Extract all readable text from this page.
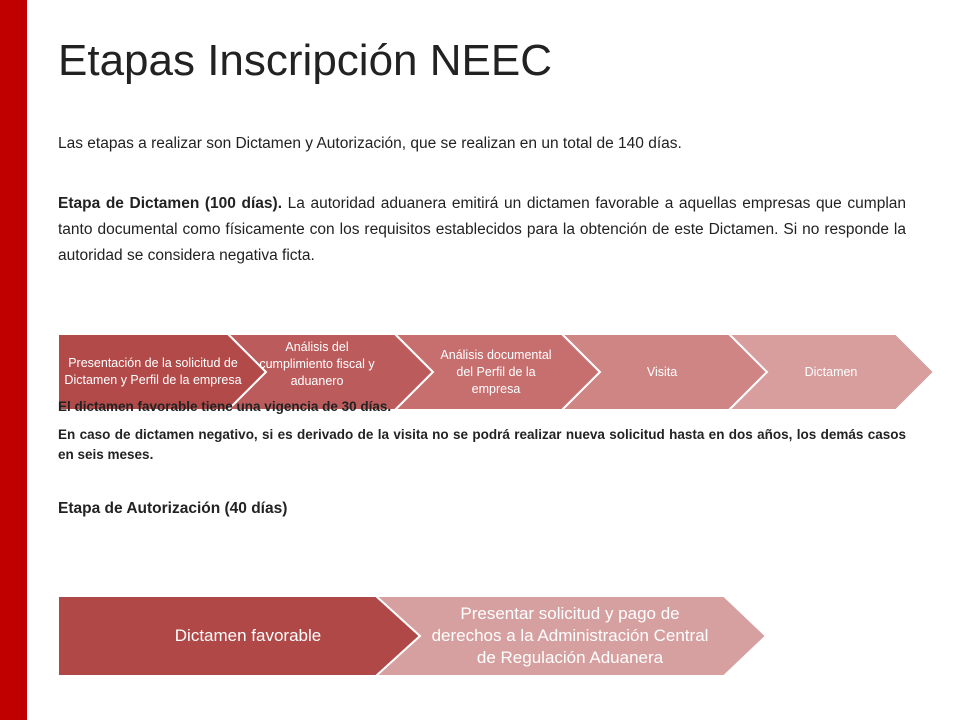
Etapas Inscripción NEEC
Las etapas a realizar son Dictamen y Autorización, que se realizan en un total de 140 días.
Etapa de Dictamen (100 días). La autoridad aduanera emitirá un dictamen favorable a aquellas empresas que cumplan tanto documental como físicamente con los requisitos establecidos para la obtención de este Dictamen. Si no responde la autoridad se considera negativa ficta.
Presentación de la solicitud de Dictamen y Perfil de la empresa
Análisis del cumplimiento fiscal y aduanero
Análisis documental del Perfil de la empresa
Visita	Dictamen
El dictamen favorable tiene una vigencia de 30 días.
En caso de dictamen negativo, si es derivado de la visita no se podrá realizar nueva solicitud hasta en dos años, los demás casos en seis meses.
Etapa de Autorización (40 días)
Dictamen favorable
Presentar solicitud y pago de derechos a la Administración Central de Regulación Aduanera
